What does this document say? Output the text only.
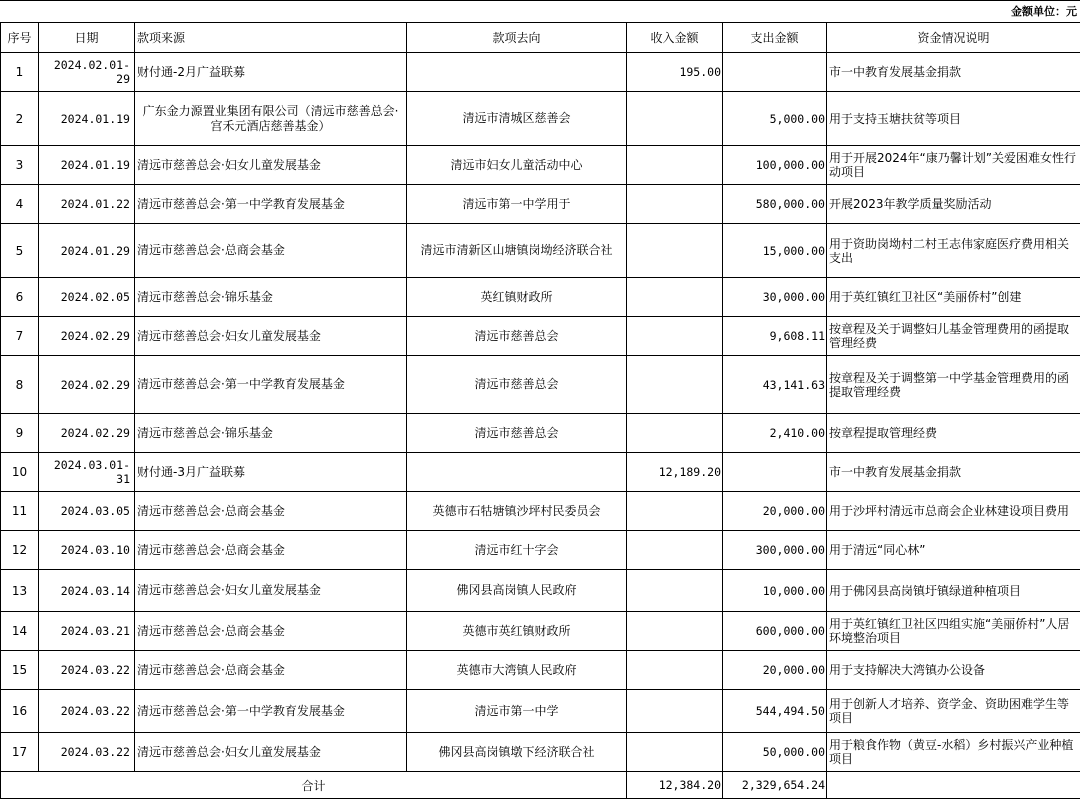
金额单位：元
序号	日期	款项来源	款项去向	收入金额	支出金额	资金情况说明
1	2024.02.01-29	财付通-2月广益联募		195.00		市一中教育发展基金捐款
2	2024.01.19	广东金力源置业集团有限公司（清远市慈善总会·宫禾元酒店慈善基金）	清远市清城区慈善会		5,000.00	用于支持玉塘扶贫等项目
3	2024.01.19	清远市慈善总会·妇女儿童发展基金	清远市妇女儿童活动中心		100,000.00	用于开展2024年“康乃馨计划”关爱困难女性行动项目
4	2024.01.22	清远市慈善总会·第一中学教育发展基金	清远市第一中学用于		580,000.00	开展2023年教学质量奖励活动
5	2024.01.29	清远市慈善总会·总商会基金	清远市清新区山塘镇岗坳经济联合社		15,000.00	用于资助岗坳村二村王志伟家庭医疗费用相关支出
6	2024.02.05	清远市慈善总会·锦乐基金	英红镇财政所		30,000.00	用于英红镇红卫社区“美丽侨村”创建
7	2024.02.29	清远市慈善总会·妇女儿童发展基金	清远市慈善总会		9,608.11	按章程及关于调整妇儿基金管理费用的函提取管理经费
8	2024.02.29	清远市慈善总会·第一中学教育发展基金	清远市慈善总会		43,141.63	按章程及关于调整第一中学基金管理费用的函提取管理经费
9	2024.02.29	清远市慈善总会·锦乐基金	清远市慈善总会		2,410.00	按章程提取管理经费
10	2024.03.01-31	财付通-3月广益联募		12,189.20		市一中教育发展基金捐款
11	2024.03.05	清远市慈善总会·总商会基金	英德市石牯塘镇沙坪村民委员会		20,000.00	用于沙坪村清远市总商会企业林建设项目费用
12	2024.03.10	清远市慈善总会·总商会基金	清远市红十字会		300,000.00	用于清远“同心林”
13	2024.03.14	清远市慈善总会·妇女儿童发展基金	佛冈县高岗镇人民政府		10,000.00	用于佛冈县高岗镇圩镇绿道种植项目
14	2024.03.21	清远市慈善总会·总商会基金	英德市英红镇财政所		600,000.00	用于英红镇红卫社区四组实施“美丽侨村”人居环境整治项目
15	2024.03.22	清远市慈善总会·总商会基金	英德市大湾镇人民政府		20,000.00	用于支持解决大湾镇办公设备
16	2024.03.22	清远市慈善总会·第一中学教育发展基金	清远市第一中学		544,494.50	用于创新人才培养、资学金、资助困难学生等项目
17	2024.03.22	清远市慈善总会·妇女儿童发展基金	佛冈县高岗镇墩下经济联合社		50,000.00	用于粮食作物（黄豆-水稻）乡村振兴产业种植项目
合计				12,384.20	2,329,654.24	
